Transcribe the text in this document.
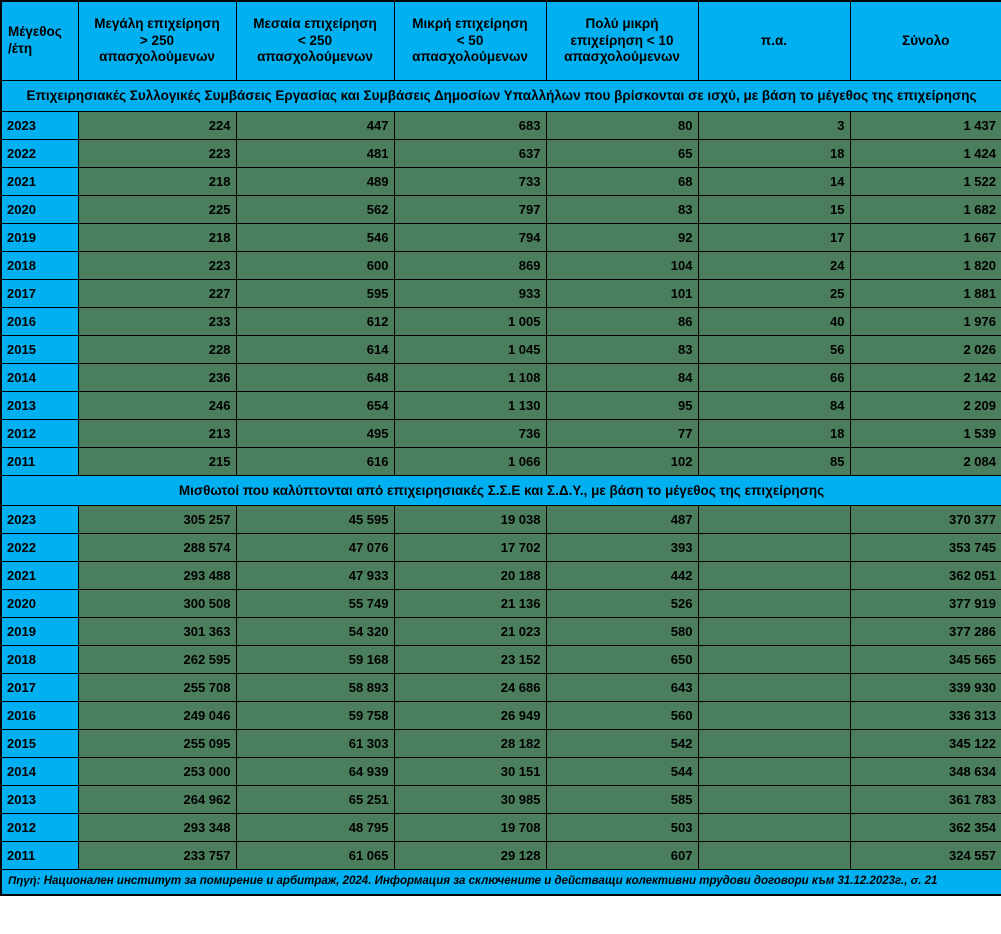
Μέγεθος
/έτη	Μεγάλη επιχείρηση
> 250
απασχολούμενων	Μεσαία επιχείρηση
< 250
απασχολούμενων	Μικρή επιχείρηση
< 50
απασχολούμενων	Πολύ μικρή
επιχείρηση < 10
απασχολούμενων	π.α.	Σύνολο
Επιχειρησιακές Συλλογικές Συμβάσεις Εργασίας και Συμβάσεις Δημοσίων Υπαλλήλων που βρίσκονται σε ισχύ, με βάση το μέγεθος της επιχείρησης						
2023	224	447	683	80	3	1 437
2022	223	481	637	65	18	1 424
2021	218	489	733	68	14	1 522
2020	225	562	797	83	15	1 682
2019	218	546	794	92	17	1 667
2018	223	600	869	104	24	1 820
2017	227	595	933	101	25	1 881
2016	233	612	1 005	86	40	1 976
2015	228	614	1 045	83	56	2 026
2014	236	648	1 108	84	66	2 142
2013	246	654	1 130	95	84	2 209
2012	213	495	736	77	18	1 539
2011	215	616	1 066	102	85	2 084
Μισθωτοί που καλύπτονται από επιχειρησιακές Σ.Σ.Ε και Σ.Δ.Υ., με βάση το μέγεθος της επιχείρησης						
2023	305 257	45 595	19 038	487		370 377
2022	288 574	47 076	17 702	393		353 745
2021	293 488	47 933	20 188	442		362 051
2020	300 508	55 749	21 136	526		377 919
2019	301 363	54 320	21 023	580		377 286
2018	262 595	59 168	23 152	650		345 565
2017	255 708	58 893	24 686	643		339 930
2016	249 046	59 758	26 949	560		336 313
2015	255 095	61 303	28 182	542		345 122
2014	253 000	64 939	30 151	544		348 634
2013	264 962	65 251	30 985	585		361 783
2012	293 348	48 795	19 708	503		362 354
2011	233 757	61 065	29 128	607		324 557
Πηγή: Национален институт за помирение и арбитраж, 2024. Информация за сключените и действащи колективни трудови договори към 31.12.2023г., σ. 21						
